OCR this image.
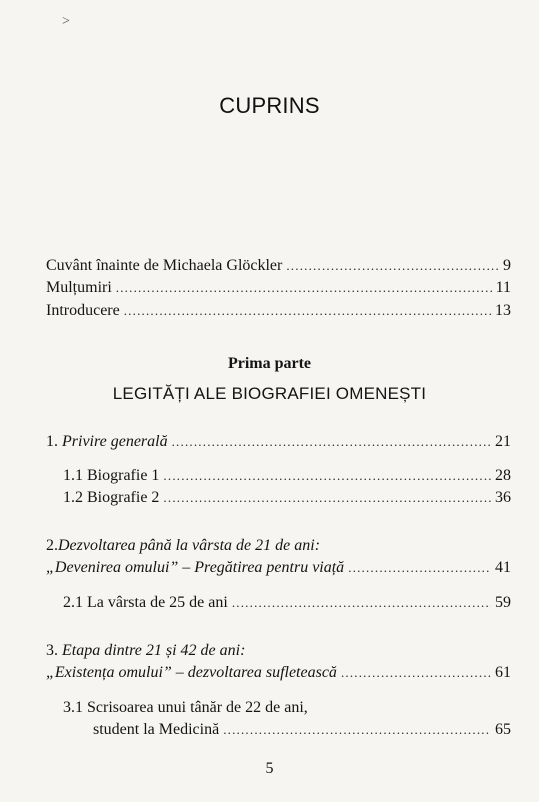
˃
CUPRINS
Cuvânt înainte de Michaela Glöckler .....	9
Mulțumiri .....	11
Introducere .....	13
Prima parte
LEGITĂȚI ALE BIOGRAFIEI OMENEȘTI
1. Privire generală .....	21
1.1 Biografie 1 .....	28
1.2 Biografie 2 .....	36
2.Dezvoltarea până la vârsta de 21 de ani:
„Devenirea omului” – Pregătirea pentru viață .....	41
2.1 La vârsta de 25 de ani .....	59
3. Etapa dintre 21 și 42 de ani:
„Existența omului” – dezvoltarea sufletească .....	61
3.1 Scrisoarea unui tânăr de 22 de ani,
student la Medicină .....	65
5
